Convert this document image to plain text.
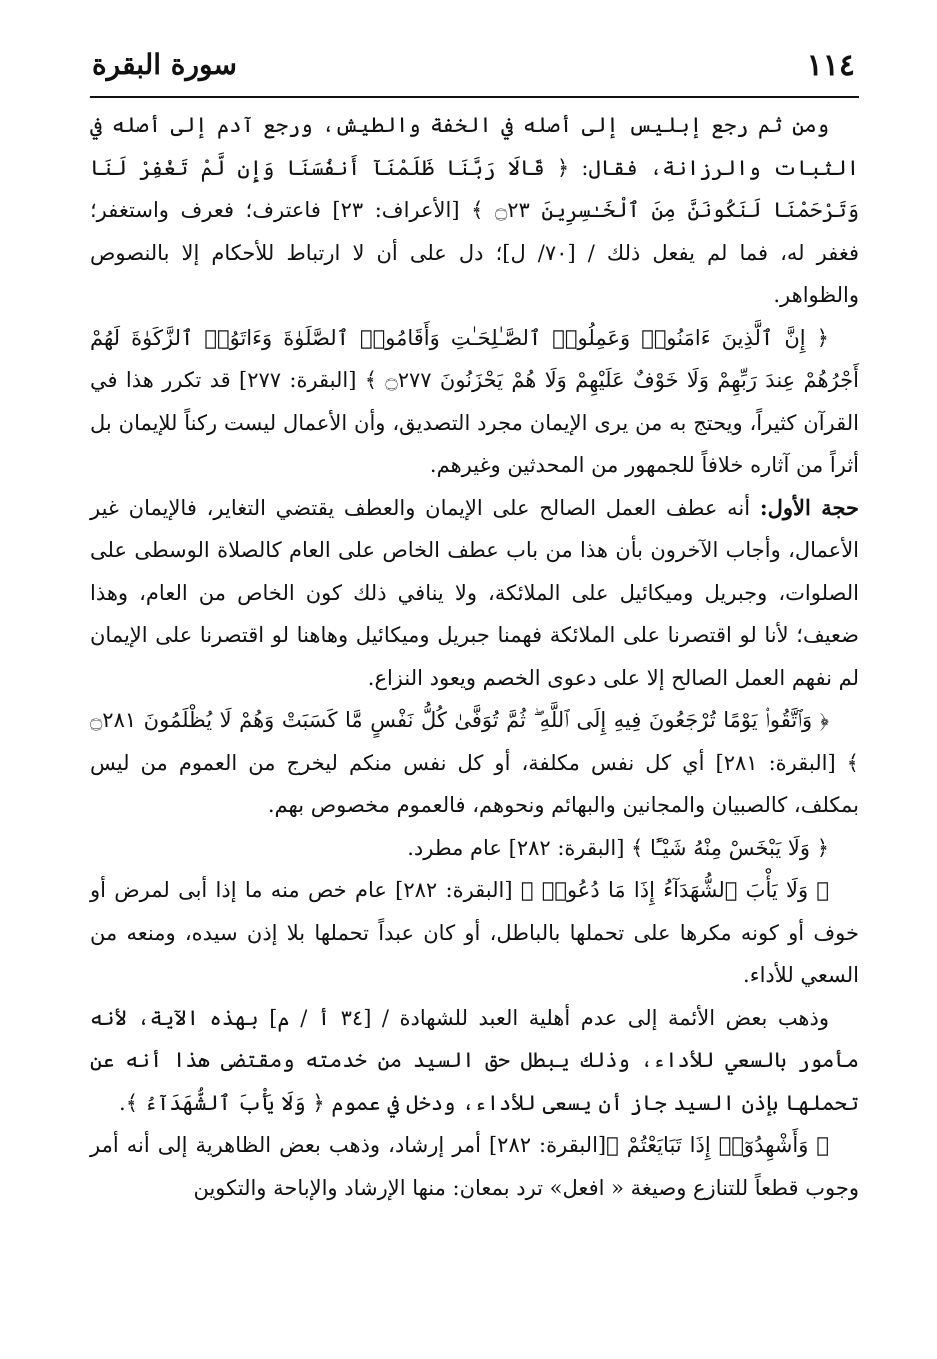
١١٤
سورة البقرة

ومن ثم رجع إبليس إلى أصله في الخفة والطيش، ورجع آدم إلى أصله في الثبات والرزانة، فقال: ﴿ قَالَا رَبَّنَا ظَلَمْنَآ أَنفُسَنَا وَإِن لَّمْ تَغْفِرْ لَنَا وَتَرْحَمْنَا لَنَكُونَنَّ مِنَ ٱلْخَـٰسِرِينَ ۝٢٣ ﴾ [الأعراف: ٢٣] فاعترف؛ فعرف واستغفر؛ فغفر له، فما لم يفعل ذلك / [٧٠/ ل]؛ دل على أن لا ارتباط للأحكام إلا بالنصوص والظواهر.

﴿ إِنَّ ٱلَّذِينَ ءَامَنُوا۟ وَعَمِلُوا۟ ٱلصَّـٰلِحَـٰتِ وَأَقَامُوا۟ ٱلصَّلَوٰةَ وَءَاتَوُا۟ ٱلزَّكَوٰةَ لَهُمْ أَجْرُهُمْ عِندَ رَبِّهِمْ وَلَا خَوْفٌ عَلَيْهِمْ وَلَا هُمْ يَحْزَنُونَ ۝٢٧٧ ﴾ [البقرة: ٢٧٧] قد تكرر هذا في القرآن كثيراً، ويحتج به من يرى الإيمان مجرد التصديق، وأن الأعمال ليست ركناً للإيمان بل أثراً من آثاره خلافاً للجمهور من المحدثين وغيرهم.

حجة الأول: أنه عطف العمل الصالح على الإيمان والعطف يقتضي التغاير، فالإيمان غير الأعمال، وأجاب الآخرون بأن هذا من باب عطف الخاص على العام كالصلاة الوسطى على الصلوات، وجبريل وميكائيل على الملائكة، ولا ينافي ذلك كون الخاص من العام، وهذا ضعيف؛ لأنا لو اقتصرنا على الملائكة فهمنا جبريل وميكائيل وهاهنا لو اقتصرنا على الإيمان لم نفهم العمل الصالح إلا على دعوى الخصم ويعود النزاع.

﴿ وَٱتَّقُوا۟ يَوْمًا تُرْجَعُونَ فِيهِ إِلَى ٱللَّهِ ۖ ثُمَّ تُوَفَّىٰ كُلُّ نَفْسٍ مَّا كَسَبَتْ وَهُمْ لَا يُظْلَمُونَ ۝٢٨١ ﴾ [البقرة: ٢٨١] أي كل نفس مكلفة، أو كل نفس منكم ليخرج من العموم من ليس بمكلف، كالصبيان والمجانين والبهائم ونحوهم، فالعموم مخصوص بهم.

﴿ وَلَا يَبْخَسْ مِنْهُ شَيْـًٔا ﴾ [البقرة: ٢٨٢] عام مطرد.

﴿ وَلَا يَأْبَ ٱلشُّهَدَآءُ إِذَا مَا دُعُوا۟ ﴾ [البقرة: ٢٨٢] عام خص منه ما إذا أبى لمرض أو خوف أو كونه مكرها على تحملها بالباطل، أو كان عبداً تحملها بلا إذن سيده، ومنعه من السعي للأداء.

وذهب بعض الأئمة إلى عدم أهلية العبد للشهادة / [٣٤ أ / م] بهذه الآية، لأنه مأمور بالسعي للأداء، وذلك يبطل حق السيد من خدمته ومقتضى هذا أنه عن تحملها بإذن السيد جاز أن يسعى للأداء، ودخل في عموم ﴿ وَلَا يَأْبَ ٱلشُّهَدَآءُ ﴾.

﴿ وَأَشْهِدُوٓا۟ إِذَا تَبَايَعْتُمْ ﴾[البقرة: ٢٨٢] أمر إرشاد، وذهب بعض الظاهرية إلى أنه أمر وجوب قطعاً للتنازع وصيغة « افعل» ترد بمعان: منها الإرشاد والإباحة والتكوين
